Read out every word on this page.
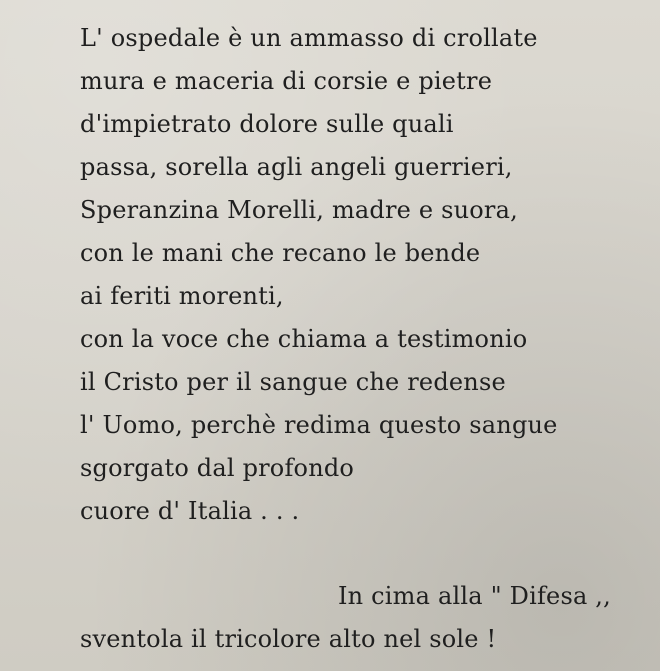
L' ospedale è un ammasso di crollate
mura e maceria di corsie e pietre
d'impietrato dolore sulle quali
passa, sorella agli angeli guerrieri,
Speranzina Morelli, madre e suora,
con le mani che recano le bende
ai feriti morenti,
con la voce che chiama a testimonio
il Cristo per il sangue che redense
l' Uomo, perchè redima questo sangue
sgorgato dal profondo
cuore d' Italia . . .
In cima alla " Difesa ,,
sventola il tricolore alto nel sole !
